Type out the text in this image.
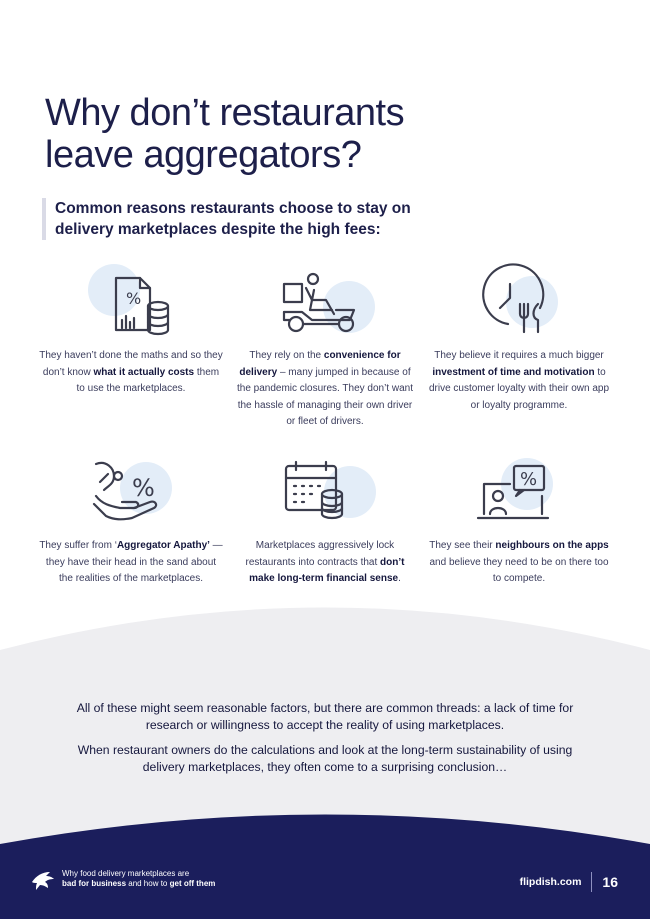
Why don’t restaurants
leave aggregators?
Common reasons restaurants choose to stay on
delivery marketplaces despite the high fees:
%
They haven’t done the maths and so they don’t know what it actually costs them to use the marketplaces.
They rely on the convenience for delivery – many jumped in because of the pandemic closures. They don’t want the hassle of managing their own driver or fleet of drivers.
They believe it requires a much bigger investment of time and motivation to drive customer loyalty with their own app or loyalty programme.
%
They suffer from ‘Aggregator Apathy’ — they have their head in the sand about the realities of the marketplaces.
Marketplaces aggressively lock restaurants into contracts that don’t make long-term financial sense.
%
They see their neighbours on the apps and believe they need to be on there too to compete.

All of these might seem reasonable factors, but there are common threads: a lack of time for research or willingness to accept the reality of using marketplaces.

When restaurant owners do the calculations and look at the long-term sustainability of using delivery marketplaces, they often come to a surprising conclusion…

Why food delivery marketplaces are
bad for business and how to get off them	flipdish.com 16
